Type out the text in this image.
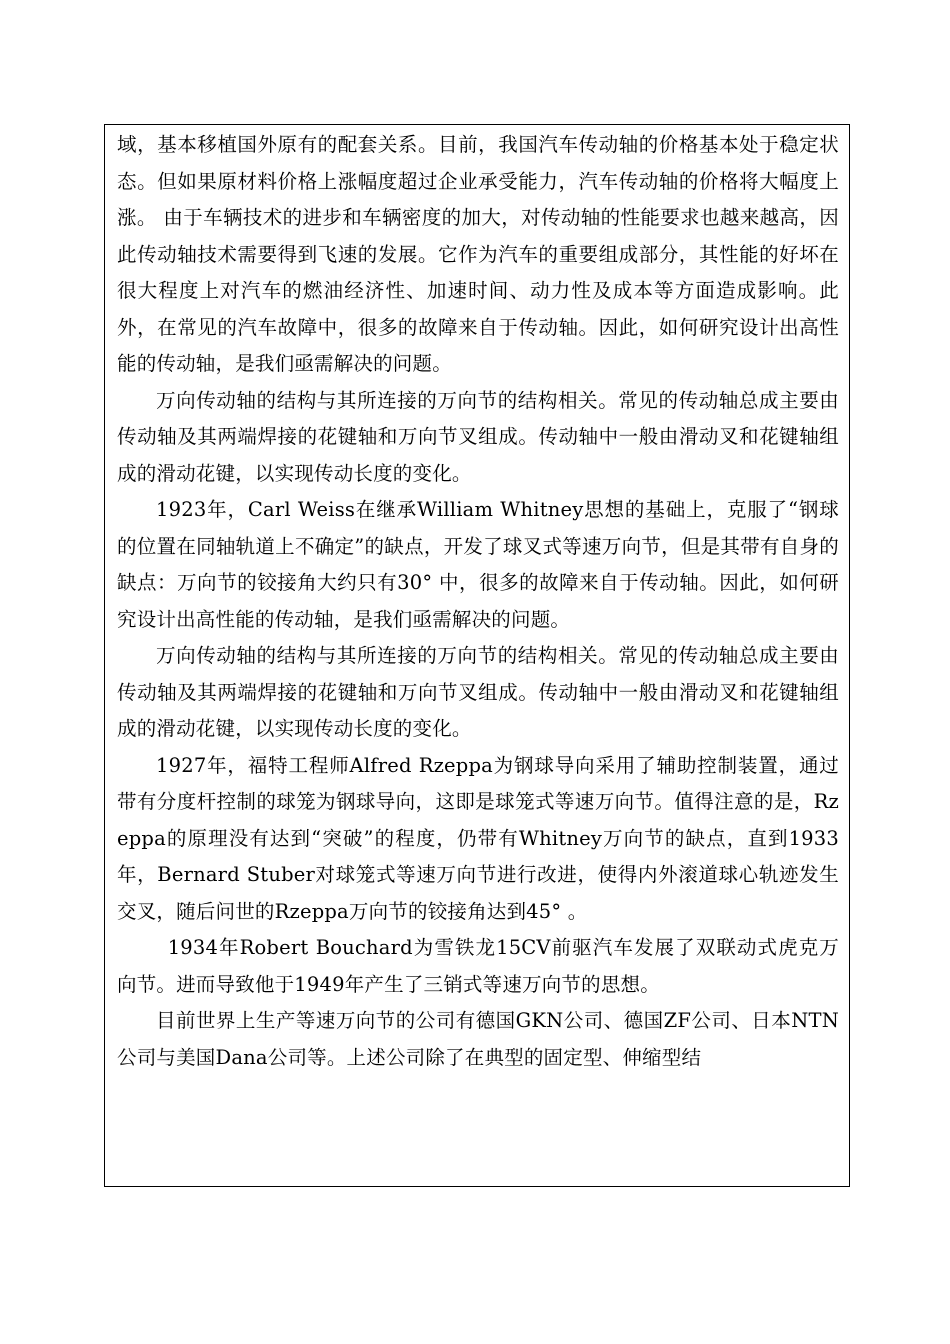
域，基本移植国外原有的配套关系。目前，我国汽车传动轴的价格基本处于稳定状态。但如果原材料价格上涨幅度超过企业承受能力，汽车传动轴的价格将大幅度上涨。 由于车辆技术的进步和车辆密度的加大，对传动轴的性能要求也越来越高，因此传动轴技术需要得到飞速的发展。它作为汽车的重要组成部分，其性能的好坏在很大程度上对汽车的燃油经济性、加速时间、动力性及成本等方面造成影响。此外，在常见的汽车故障中，很多的故障来自于传动轴。因此，如何研究设计出高性能的传动轴，是我们亟需解决的问题。

万向传动轴的结构与其所连接的万向节的结构相关。常见的传动轴总成主要由传动轴及其两端焊接的花键轴和万向节叉组成。传动轴中一般由滑动叉和花键轴组成的滑动花键，以实现传动长度的变化。

1923年，Carl Weiss在继承William Whitney思想的基础上，克服了“钢球的位置在同轴轨道上不确定”的缺点，开发了球叉式等速万向节，但是其带有自身的缺点：万向节的铰接角大约只有30° 中，很多的故障来自于传动轴。因此，如何研究设计出高性能的传动轴，是我们亟需解决的问题。

万向传动轴的结构与其所连接的万向节的结构相关。常见的传动轴总成主要由传动轴及其两端焊接的花键轴和万向节叉组成。传动轴中一般由滑动叉和花键轴组成的滑动花键，以实现传动长度的变化。

1927年，福特工程师Alfred Rzeppa为钢球导向采用了辅助控制装置，通过带有分度杆控制的球笼为钢球导向，这即是球笼式等速万向节。值得注意的是，Rzeppa的原理没有达到“突破”的程度，仍带有Whitney万向节的缺点，直到1933年，Bernard Stuber对球笼式等速万向节进行改进，使得内外滚道球心轨迹发生交叉，随后问世的Rzeppa万向节的铰接角达到45° 。

1934年Robert Bouchard为雪铁龙15CV前驱汽车发展了双联动式虎克万向节。进而导致他于1949年产生了三销式等速万向节的思想。

目前世界上生产等速万向节的公司有德国GKN公司、德国ZF公司、日本NTN公司与美国Dana公司等。上述公司除了在典型的固定型、伸缩型结
